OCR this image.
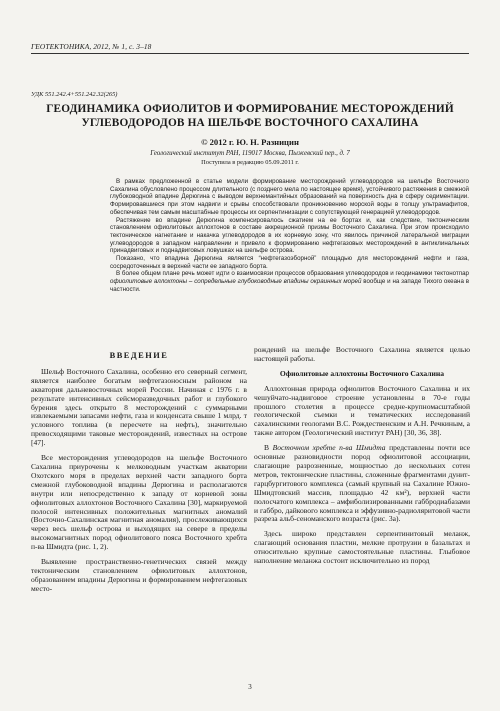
ГЕОТЕКТОНИКА, 2012, № 1, с. 3–18
УДК 551.242.4+551.242.32(265)
ГЕОДИНАМИКА ОФИОЛИТОВ И ФОРМИРОВАНИЕ МЕСТОРОЖДЕНИЙ
УГЛЕВОДОРОДОВ НА ШЕЛЬФЕ ВОСТОЧНОГО САХАЛИНА
© 2012 г. Ю. Н. Разницин
Геологический институт РАН, 119017 Москва, Пыжевский пер., д. 7
Поступила в редакцию 05.09.2011 г.

В рамках предложенной в статье модели формирование месторождений углеводородов на шельфе Восточного Сахалина обусловлено процессом длительного (с позднего мела по настоящее время), устойчивого растяжения в смежной глубоководной впадине Дерюгина с выводом верхнемантийных образований на поверхность дна в сферу седиментации. Формировавшиеся при этом надвиги и срывы способствовали проникновению морской воды в толщу ультрамафитов, обеспечивая тем самым масштабные процессы их серпентинизации с сопутствующей генерацией углеводородов.

Растяжение во впадине Дерюгина компенсировалось сжатием на ее бортах и, как следствие, тектоническим становлением офиолитовых аллохтонов в составе аккреционной призмы Восточного Сахалина. При этом происходило тектоническое нагнетание и накачка углеводородов в их корневую зону, что явилось причиной латеральной миграции углеводородов в западном направлении и привело к формированию нефтегазовых месторождений в антиклинальных принадвиговых и поднадвиговых ловушках на шельфе острова.

Показано, что впадина Дерюгина является “нефтегазоэборной” площадью для месторождений нефти и газа, сосредоточенных в верхней части ее западного борта.

В более общем плане речь может идти о взаимосвязи процессов образования углеводородов и геодинамики тектонотпар офиолитовые аллохтоны – сопредельные глубоководные впадины окраинных морей вообще и на западе Тихого океана в частности.

ВВЕДЕНИЕ

Шельф Восточного Сахалина, особенно его северный сегмент, является наиболее богатым нефтегазоносным районом на акватория дальневосточных морей России. Начиная с 1976 г. в результате интенсивных сейсморазведочных работ и глубокого бурения здесь открыто 8 месторождений с суммарными извлекаемыми запасами нефти, газа и конденсата свыше 1 млрд. т условного топлива (в пересчете на нефть), значительно превосходящими таковые месторождений, известных на острове [47].

Все месторождения углеводородов на шельфе Восточного Сахалина приурочены к мелководным участкам акватории Охотского моря в пределах верхней части западного борта смежной глубоководной впадины Дерюгина и располагаются внутри или непосредственно к западу от корневой зоны офиолитовых аллохтонов Восточного Сахалина [30], маркируемой полосой интенсивных положительных магнитных аномалий (Восточно-Сахалинская магнитная аномалия), прослеживающихся через весь шельф острова и выходящих на севере в пределы высокомагнитных пород офиолитового пояса Восточного хребта п-ва Шмидта (рис. 1, 2).

Выявление пространственно-генетических связей между тектоническим становлением офиолитовых аллохтонов, образованием впадины Дерюгина и формированием нефтегазовых место-

рождений на шельфе Восточного Сахалина является целью настоящей работы.

Офиолитовые аллохтоны Восточного Сахалина

Аллохтонная природа офиолитов Восточного Сахалина и их чешуйчато-надвиговое строение установлены в 70-е годы прошлого столетия в процессе средне-крупномасштабной геологической съемки и тематических исследований сахалинскими геологами В.С. Рождественским и А.Н. Речкиным, а также автором (Геологический институт РАН) [30, 36, 38].

В Восточном хребте п-ва Шмидта представлены почти все основные разновидности пород офиолитовой ассоциации, слагающие разрозненные, мощностью до нескольких сотен метров, тектонические пластины, сложенные фрагментами дунит-гарцбургитового комплекса (самый крупный на Сахалине Южно-Шмидтовский массив, площадью 42 км²), верхней части полосчатого комплекса – амфиболизированными габбродиабазами и габбро, дайкового комплекса и эффузивно-радиоляритовой части разреза альб-сеноманского возраста (рис. 3а).

Здесь широко представлен серпентинитовый меланж, слагающий основания пластин, мелкие протрузии в базальтах и относительно крупные самостоятельные пластины. Глыбовое наполнение меланжа состоит исключительно из пород

3
